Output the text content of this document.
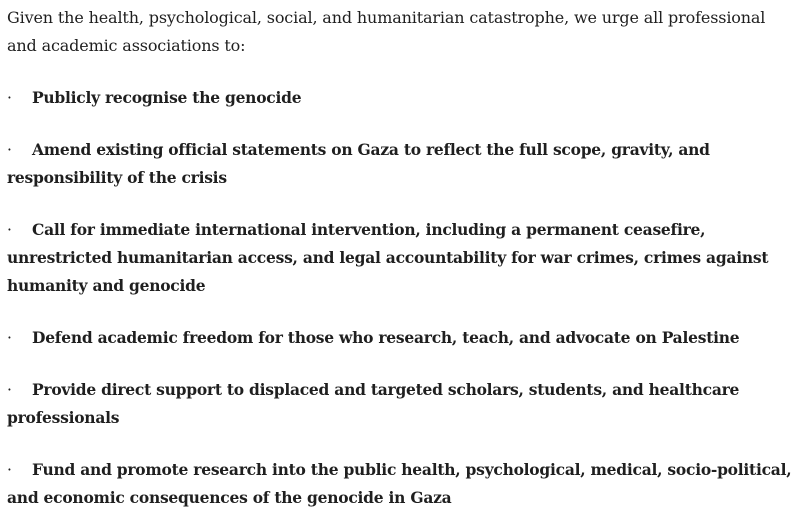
Given the health, psychological, social, and humanitarian catastrophe, we urge all professional and academic associations to:

· Publicly recognise the genocide
· Amend existing official statements on Gaza to reflect the full scope, gravity, and responsibility of the crisis
· Call for immediate international intervention, including a permanent ceasefire, unrestricted humanitarian access, and legal accountability for war crimes, crimes against humanity and genocide
· Defend academic freedom for those who research, teach, and advocate on Palestine
· Provide direct support to displaced and targeted scholars, students, and healthcare professionals
· Fund and promote research into the public health, psychological, medical, socio-political, and economic consequences of the genocide in Gaza
